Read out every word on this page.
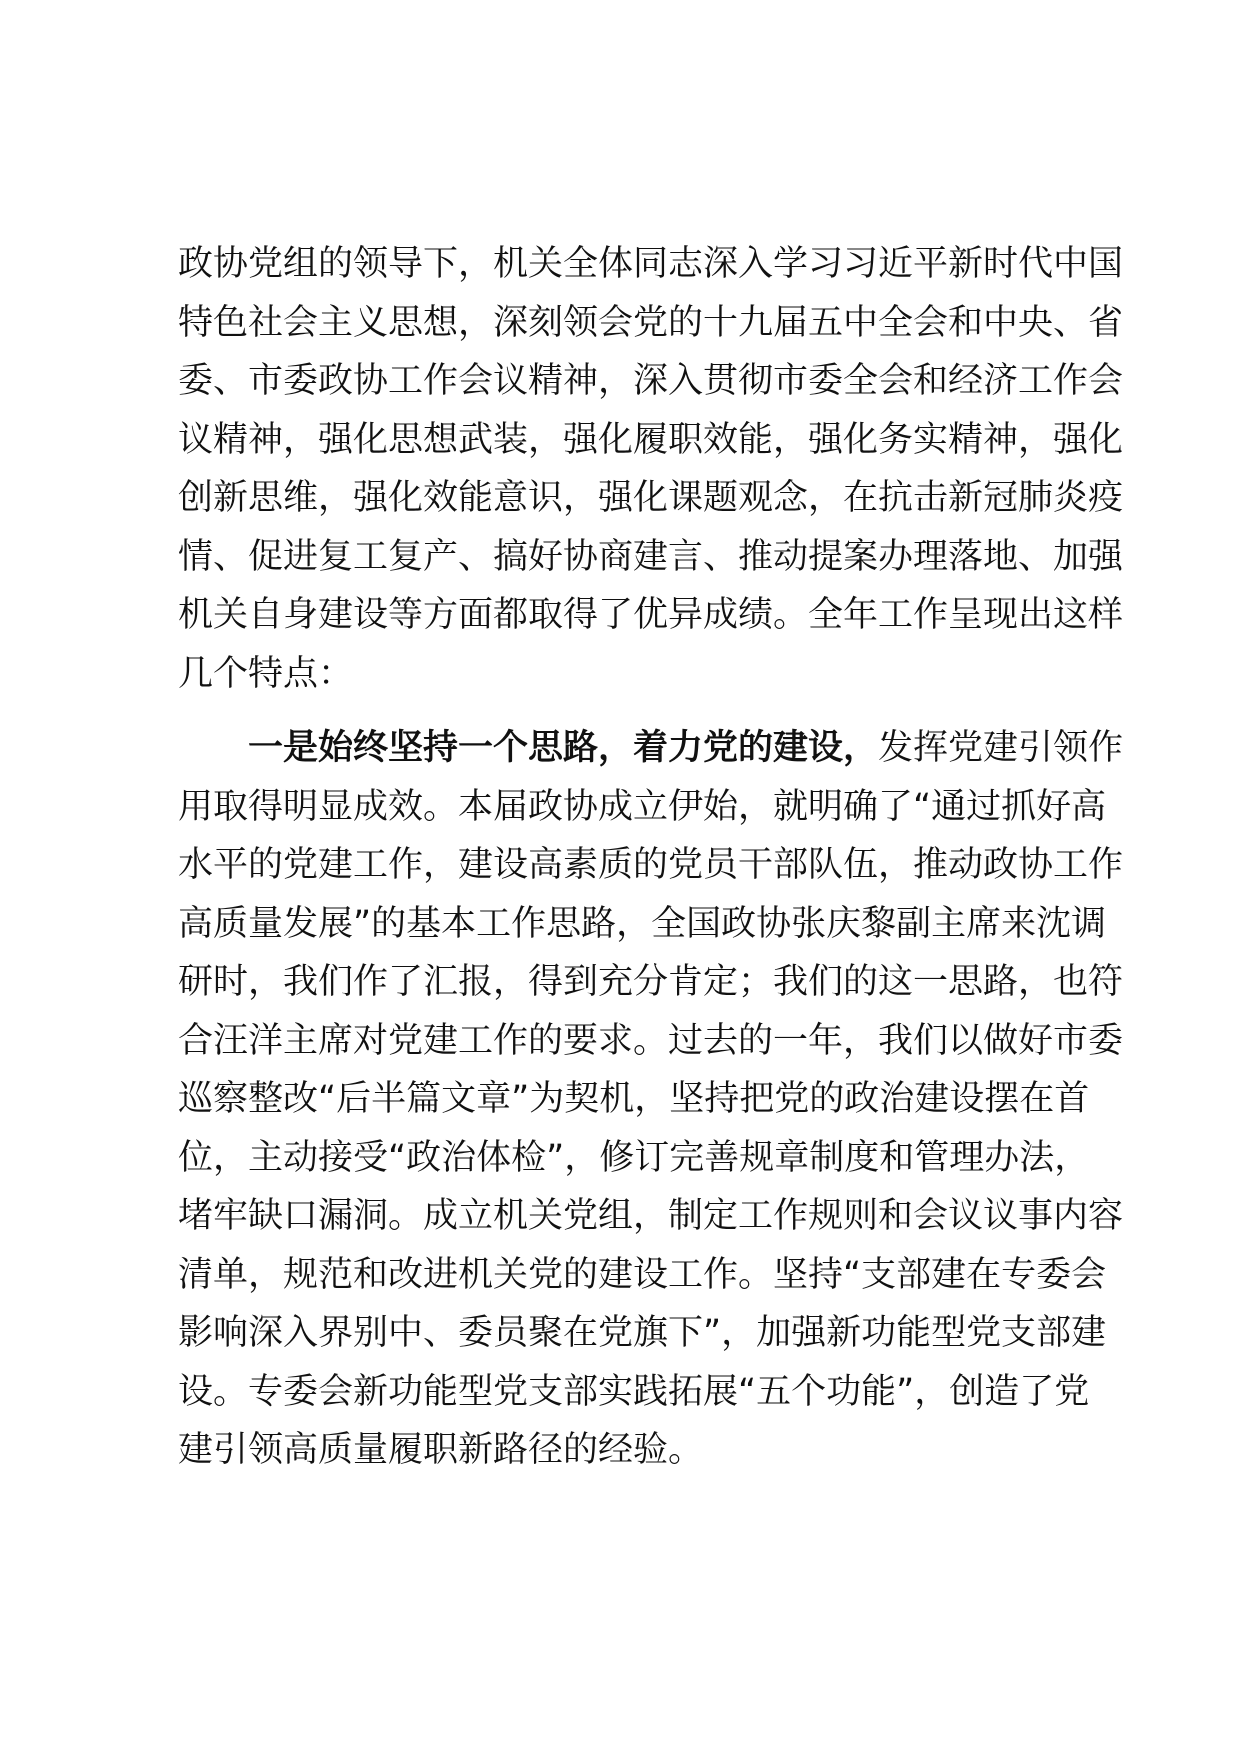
政协党组的领导下，机关全体同志深入学习习近平新时代中国
特色社会主义思想，深刻领会党的十九届五中全会和中央、省
委、市委政协工作会议精神，深入贯彻市委全会和经济工作会
议精神，强化思想武装，强化履职效能，强化务实精神，强化
创新思维，强化效能意识，强化课题观念，在抗击新冠肺炎疫
情、促进复工复产、搞好协商建言、推动提案办理落地、加强
机关自身建设等方面都取得了优异成绩。全年工作呈现出这样
几个特点：
一是始终坚持一个思路，着力党的建设，发挥党建引领作
用取得明显成效。本届政协成立伊始，就明确了“通过抓好高
水平的党建工作，建设高素质的党员干部队伍，推动政协工作
高质量发展”的基本工作思路，全国政协张庆黎副主席来沈调
研时，我们作了汇报，得到充分肯定；我们的这一思路，也符
合汪洋主席对党建工作的要求。过去的一年，我们以做好市委
巡察整改“后半篇文章”为契机，坚持把党的政治建设摆在首
位，主动接受“政治体检”，修订完善规章制度和管理办法，
堵牢缺口漏洞。成立机关党组，制定工作规则和会议议事内容
清单，规范和改进机关党的建设工作。坚持“支部建在专委会
影响深入界别中、委员聚在党旗下”，加强新功能型党支部建
设。专委会新功能型党支部实践拓展“五个功能”，创造了党
建引领高质量履职新路径的经验。
